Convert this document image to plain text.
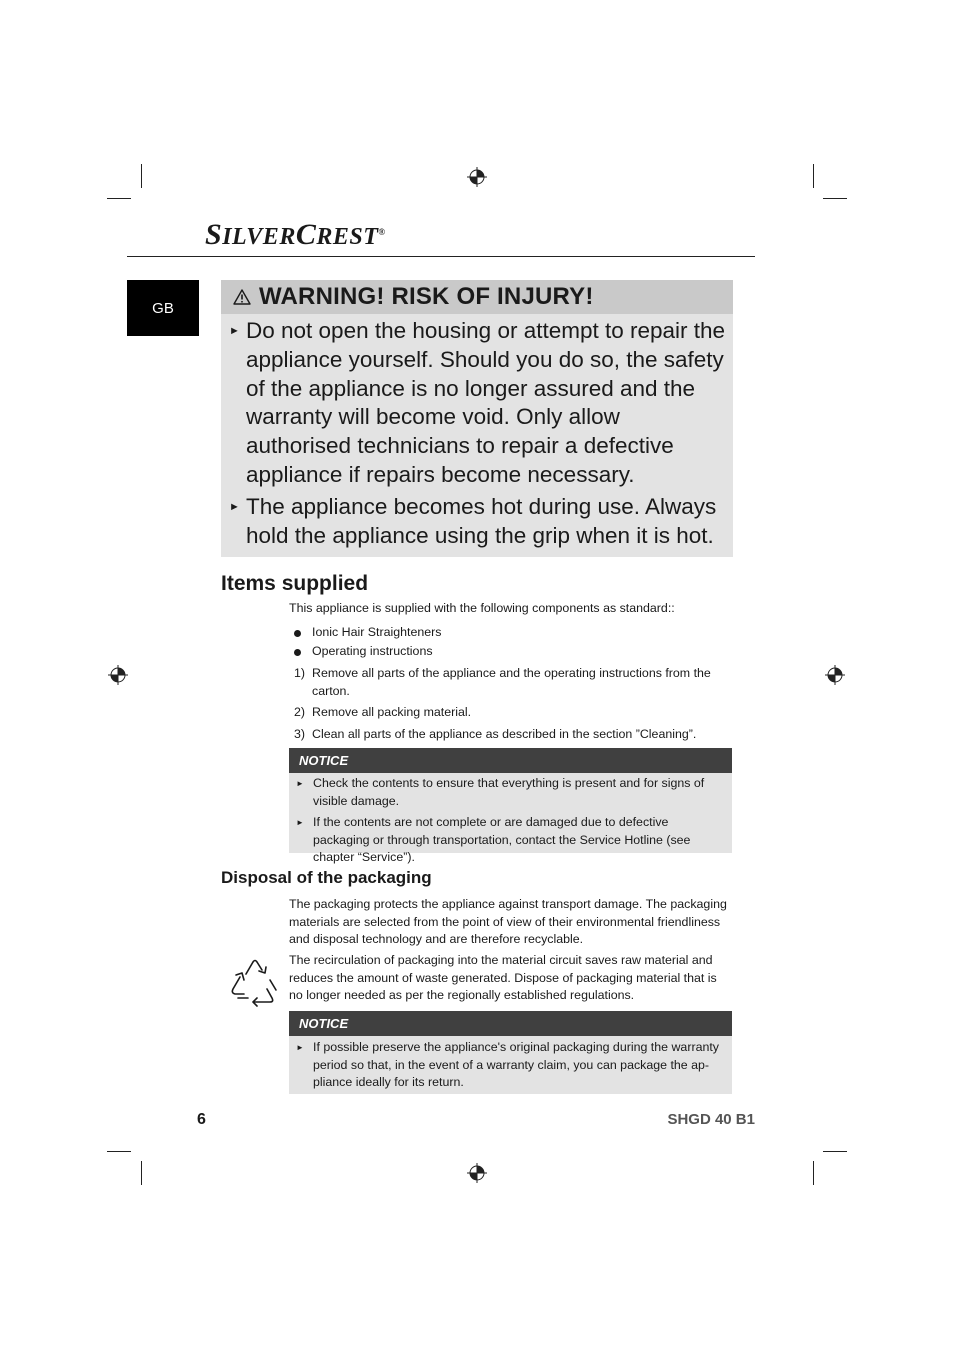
SILVERCREST®
GB	WARNING! RISK OF INJURY!
► Do not open the housing or attempt to repair the appliance yourself. Should you do so, the safety of the appliance is no longer assured and the warranty will become void. Only allow authorised technicians to repair a defective appliance if repairs become necessary.
► The appliance becomes hot during use. Always hold the appliance using the grip when it is hot.
Items supplied
This appliance is supplied with the following components as standard::
Ionic Hair Straighteners
Operating instructions
1) Remove all parts of the appliance and the operating instructions from the carton.
2) Remove all packing material.
3) Clean all parts of the appliance as described in the section ”Cleaning”.
NOTICE
► Check the contents to ensure that everything is present and for signs of visible damage.
► If the contents are not complete or are damaged due to defective packaging or through transportation, contact the Service Hotline (see chapter “Service”).
Disposal of the packaging
The packaging protects the appliance against transport damage. The packaging materials are selected from the point of view of their environmental friendliness and disposal technology and are therefore recyclable.
The recirculation of packaging into the material circuit saves raw material and reduces the amount of waste generated. Dispose of packaging material that is no longer needed as per the regionally established regulations.
NOTICE
► If possible preserve the appliance's original packaging during the warranty period so that, in the event of a warranty claim, you can package the ap-pliance ideally for its return.
6	SHGD 40 B1
